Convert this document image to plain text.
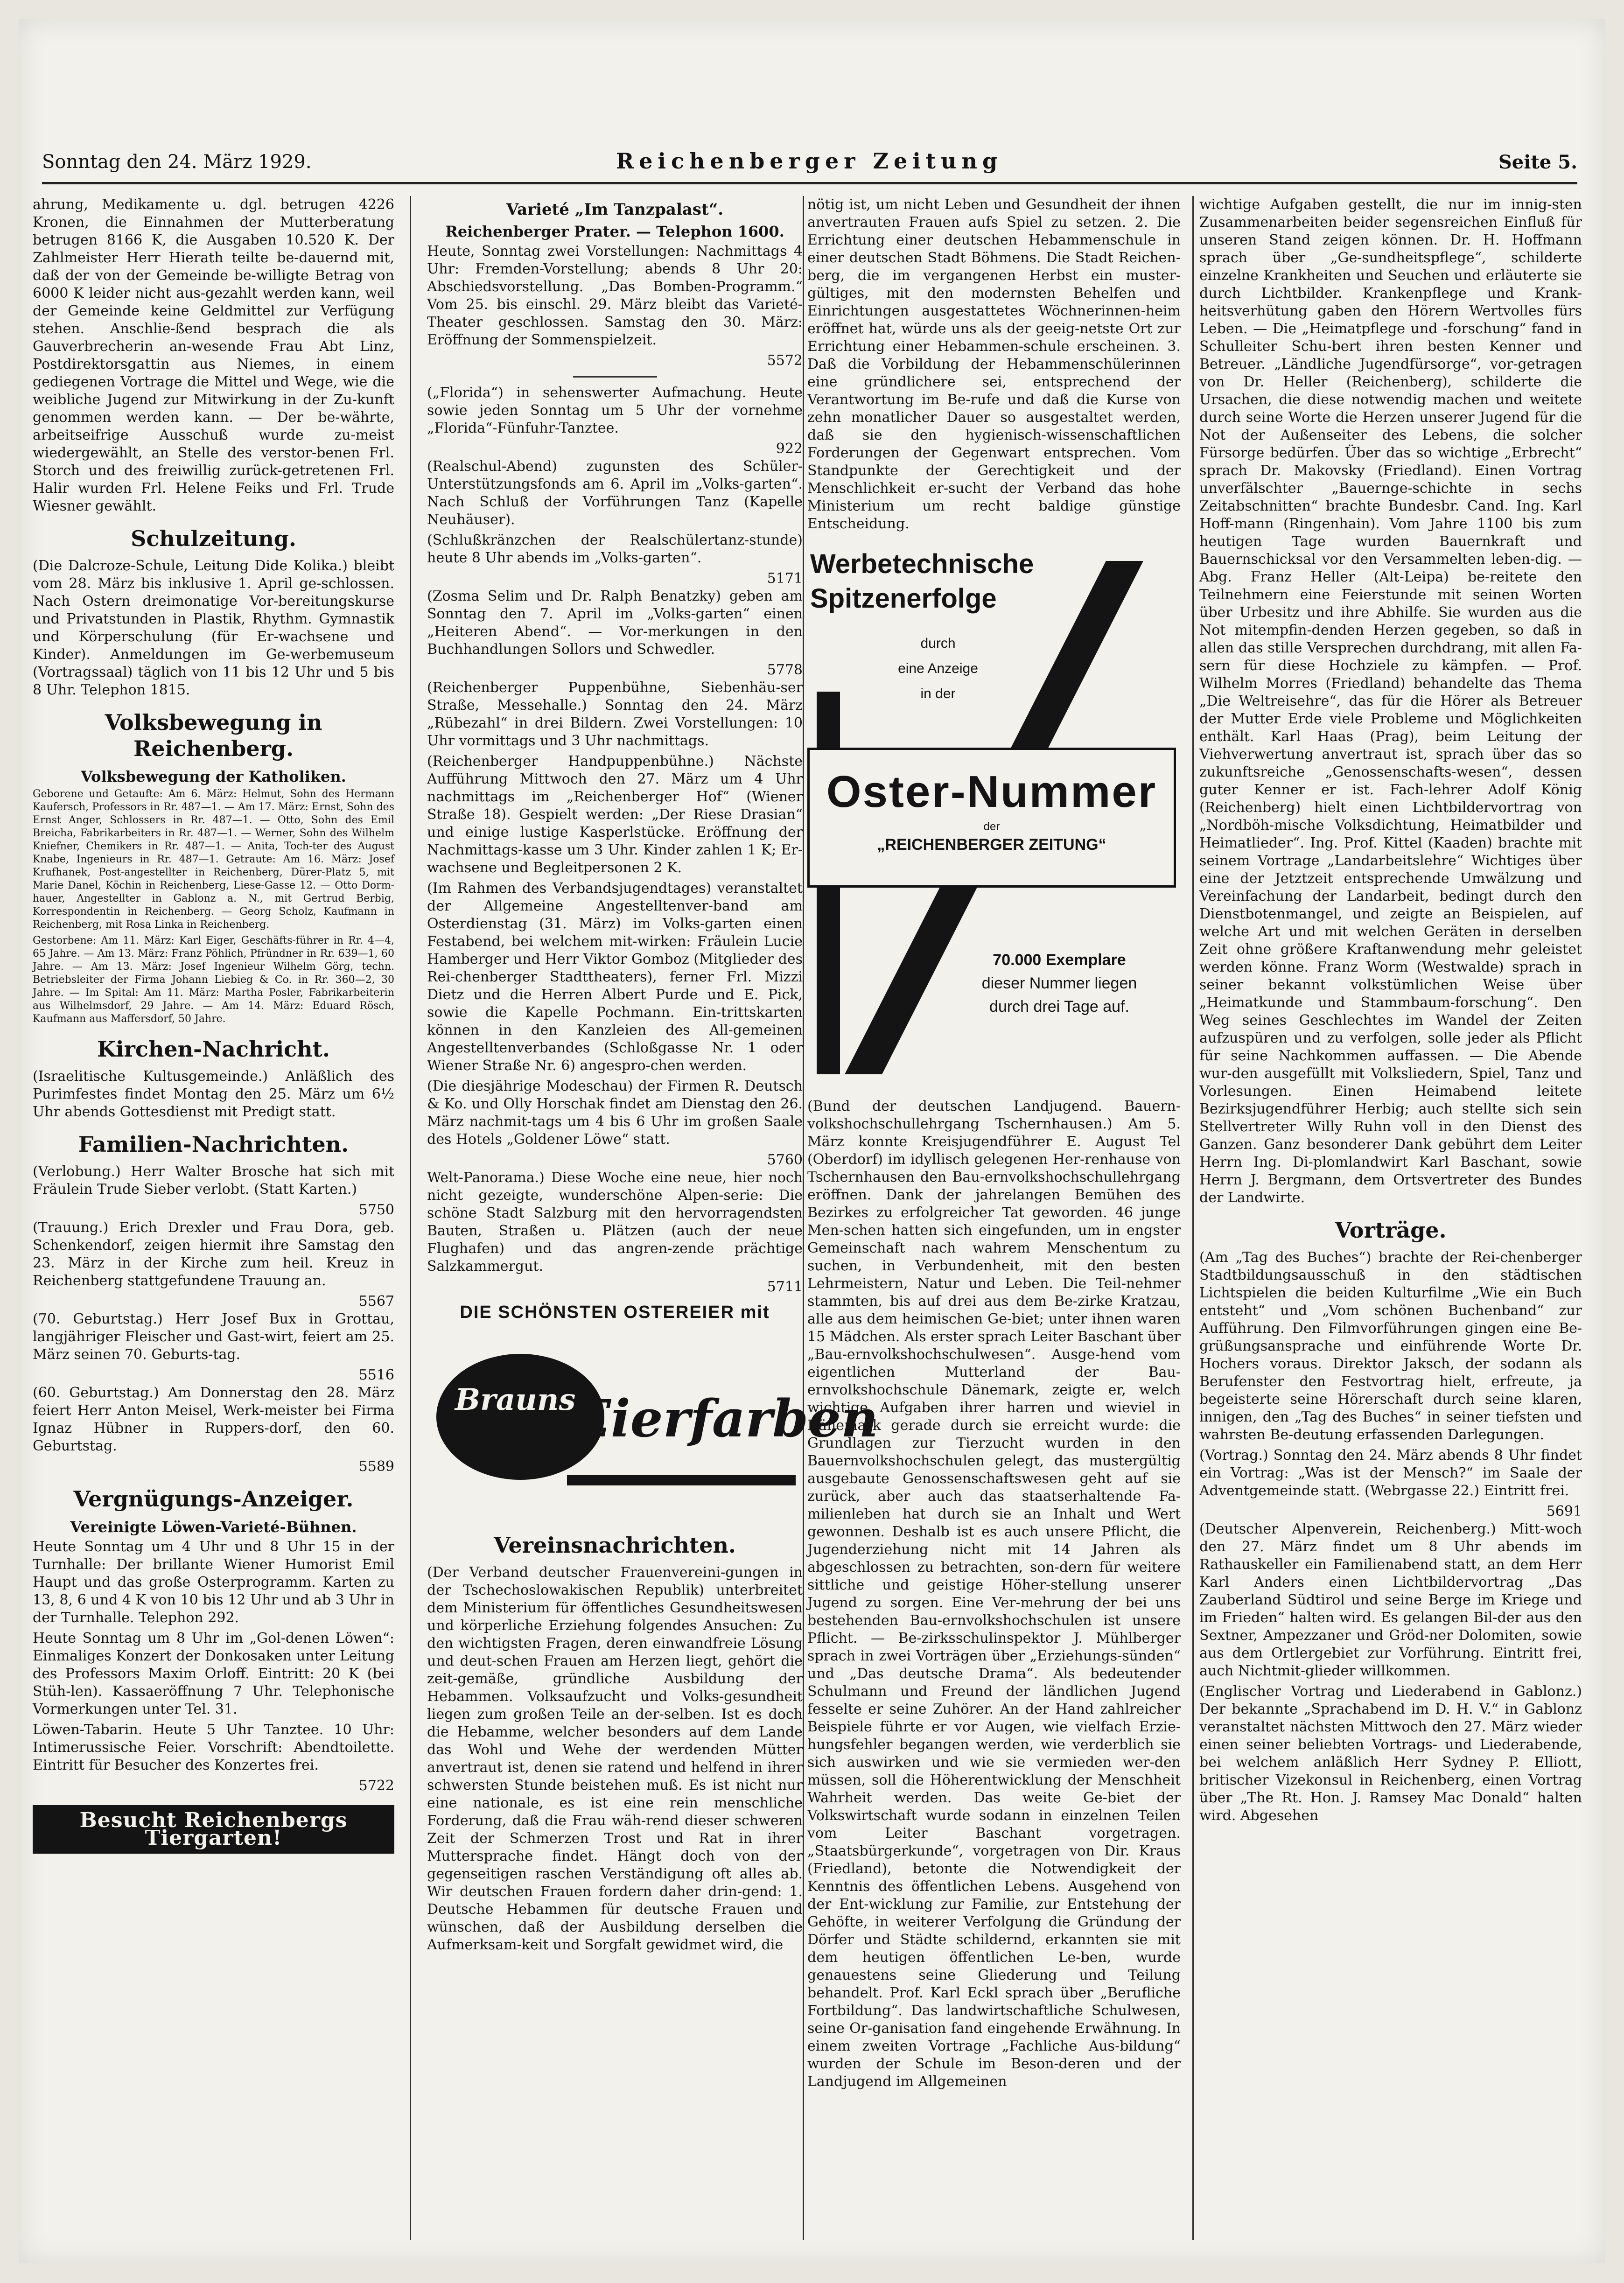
Sonntag den 24. März 1929.	Reichenberger Zeitung	Seite 5.

ahrung, Medikamente u. dgl. betrugen 4226 Kronen, die Einnahmen der Mutterberatung betrugen 8166 K, die Ausgaben 10.520 K. Der Zahlmeister Herr Hierath teilte be-dauernd mit, daß der von der Gemeinde be-willigte Betrag von 6000 K leider nicht aus-gezahlt werden kann, weil der Gemeinde keine Geldmittel zur Verfügung stehen. Anschlie-ßend besprach die als Gauverbrecherin an-wesende Frau Abt Linz, Postdirektorsgattin aus Niemes, in einem gediegenen Vortrage die Mittel und Wege, wie die weibliche Jugend zur Mitwirkung in der Zu-kunft genommen werden kann. — Der be-währte, arbeitseifrige Ausschuß wurde zu-meist wiedergewählt, an Stelle des verstor-benen Frl. Storch und des freiwillig zurück-getretenen Frl. Halir wurden Frl. Helene Feiks und Frl. Trude Wiesner gewählt.

Schulzeitung.

(Die Dalcroze-Schule, Leitung Dide Kolika.) bleibt vom 28. März bis inklusive 1. April ge-schlossen. Nach Ostern dreimonatige Vor-bereitungskurse und Privatstunden in Plastik, Rhythm. Gymnastik und Körperschulung (für Er-wachsene und Kinder). Anmeldungen im Ge-werbemuseum (Vortragssaal) täglich von 11 bis 12 Uhr und 5 bis 8 Uhr. Telephon 1815.

Volksbewegung in Reichenberg.
Volksbewegung der Katholiken.

Geborene und Getaufte: Am 6. März: Helmut, Sohn des Hermann Kaufersch, Professors in Rr. 487—1. — Am 17. März: Ernst, Sohn des Ernst Anger, Schlossers in Rr. 487—1. — Otto, Sohn des Emil Breicha, Fabrikarbeiters in Rr. 487—1. — Werner, Sohn des Wilhelm Kniefner, Chemikers in Rr. 487—1. — Anita, Toch-ter des August Knabe, Ingenieurs in Rr. 487—1. Getraute: Am 16. März: Josef Krufhanek, Post-angestellter in Reichenberg, Dürer-Platz 5, mit Marie Danel, Köchin in Reichenberg, Liese-Gasse 12. — Otto Dorm-hauer, Angestellter in Gablonz a. N., mit Gertrud Berbig, Korrespondentin in Reichenberg. — Georg Scholz, Kaufmann in Reichenberg, mit Rosa Linka in Reichenberg.

Gestorbene: Am 11. März: Karl Eiger, Geschäfts-führer in Rr. 4—4, 65 Jahre. — Am 13. März: Franz Pöhlich, Pfründner in Rr. 639—1, 60 Jahre. — Am 13. März: Josef Ingenieur Wilhelm Görg, techn. Betriebsleiter der Firma Johann Liebieg & Co. in Rr. 360—2, 30 Jahre. — Im Spital: Am 11. März: Martha Posler, Fabrikarbeiterin aus Wilhelmsdorf, 29 Jahre. — Am 14. März: Eduard Rösch, Kaufmann aus Maffersdorf, 50 Jahre.

Kirchen-Nachricht.

(Israelitische Kultusgemeinde.) Anläßlich des Purimfestes findet Montag den 25. März um 6½ Uhr abends Gottesdienst mit Predigt statt.

Familien-Nachrichten.

(Verlobung.) Herr Walter Brosche hat sich mit Fräulein Trude Sieber verlobt. (Statt Karten.)

5750

(Trauung.) Erich Drexler und Frau Dora, geb. Schenkendorf, zeigen hiermit ihre Samstag den 23. März in der Kirche zum heil. Kreuz in Reichenberg stattgefundene Trauung an.

5567

(70. Geburtstag.) Herr Josef Bux in Grottau, langjähriger Fleischer und Gast-wirt, feiert am 25. März seinen 70. Geburts-tag.

5516

(60. Geburtstag.) Am Donnerstag den 28. März feiert Herr Anton Meisel, Werk-meister bei Firma Ignaz Hübner in Ruppers-dorf, den 60. Geburtstag.

5589
Vergnügungs-Anzeiger.
Vereinigte Löwen-Varieté-Bühnen.

Heute Sonntag um 4 Uhr und 8 Uhr 15 in der Turnhalle: Der brillante Wiener Humorist Emil Haupt und das große Osterprogramm. Karten zu 13, 8, 6 und 4 K von 10 bis 12 Uhr und ab 3 Uhr in der Turnhalle. Telephon 292.

Heute Sonntag um 8 Uhr im „Gol-denen Löwen“: Einmaliges Konzert der Donkosaken unter Leitung des Professors Maxim Orloff. Eintritt: 20 K (bei Stüh-len). Kassaeröffnung 7 Uhr. Telephonische Vormerkungen unter Tel. 31.

Löwen-Tabarin. Heute 5 Uhr Tanztee. 10 Uhr: Intimerussische Feier. Vorschrift: Abendtoilette. Eintritt für Besucher des Konzertes frei.

5722
Besucht Reichenbergs Tiergarten!
Varieté „Im Tanzpalast“.
Reichenberger Prater. — Telephon 1600.

Heute, Sonntag zwei Vorstellungen: Nachmittags 4 Uhr: Fremden-Vorstellung; abends 8 Uhr 20: Abschiedsvorstellung. „Das Bomben-Programm.“ Vom 25. bis einschl. 29. März bleibt das Varieté-Theater geschlossen. Samstag den 30. März: Eröffnung der Sommenspielzeit.

5572

(„Florida“) in sehenswerter Aufmachung. Heute sowie jeden Sonntag um 5 Uhr der vornehme „Florida“-Fünfuhr-Tanztee.

922

(Realschul-Abend) zugunsten des Schüler-Unterstützungsfonds am 6. April im „Volks-garten“. Nach Schluß der Vorführungen Tanz (Kapelle Neuhäuser).

(Schlußkränzchen der Realschülertanz-stunde) heute 8 Uhr abends im „Volks-garten“.

5171

(Zosma Selim und Dr. Ralph Benatzky) geben am Sonntag den 7. April im „Volks-garten“ einen „Heiteren Abend“. — Vor-merkungen in den Buchhandlungen Sollors und Schwedler.

5778

(Reichenberger Puppenbühne, Siebenhäu-ser Straße, Messehalle.) Sonntag den 24. März „Rübezahl“ in drei Bildern. Zwei Vorstellungen: 10 Uhr vormittags und 3 Uhr nachmittags.

(Reichenberger Handpuppenbühne.) Nächste Aufführung Mittwoch den 27. März um 4 Uhr nachmittags im „Reichenberger Hof“ (Wiener Straße 18). Gespielt werden: „Der Riese Drasian“ und einige lustige Kasperlstücke. Eröffnung der Nachmittags-kasse um 3 Uhr. Kinder zahlen 1 K; Er-wachsene und Begleitpersonen 2 K.

(Im Rahmen des Verbandsjugendtages) veranstaltet der Allgemeine Angestelltenver-band am Osterdienstag (31. März) im Volks-garten einen Festabend, bei welchem mit-wirken: Fräulein Lucie Hamberger und Herr Viktor Gomboz (Mitglieder des Rei-chenberger Stadttheaters), ferner Frl. Mizzi Dietz und die Herren Albert Purde und E. Pick, sowie die Kapelle Pochmann. Ein-trittskarten können in den Kanzleien des All-gemeinen Angestelltenverbandes (Schloßgasse Nr. 1 oder Wiener Straße Nr. 6) angespro-chen werden.

(Die diesjährige Modeschau) der Firmen R. Deutsch & Ko. und Olly Horschak findet am Dienstag den 26. März nachmit-tags um 4 bis 6 Uhr im großen Saale des Hotels „Goldener Löwe“ statt.

5760

Welt-Panorama.) Diese Woche eine neue, hier noch nicht gezeigte, wunderschöne Alpen-serie: Die schöne Stadt Salzburg mit den hervorragendsten Bauten, Straßen u. Plätzen (auch der neue Flughafen) und das angren-zende prächtige Salzkammergut.

5711
DIE SCHÖNSTEN OSTEREIER mit
Brauns
Eierfarben
Vereinsnachrichten.

(Der Verband deutscher Frauenvereini-gungen in der Tschechoslowakischen Republik) unterbreitet dem Ministerium für öffentliches Gesundheitswesen und körperliche Erziehung folgendes Ansuchen: Zu den wichtigsten Fragen, deren einwandfreie Lösung und deut-schen Frauen am Herzen liegt, gehört die zeit-gemäße, gründliche Ausbildung der Hebammen. Volksaufzucht und Volks-gesundheit liegen zum großen Teile an der-selben. Ist es doch die Hebamme, welcher besonders auf dem Lande das Wohl und Wehe der werdenden Mütter anvertraut ist, denen sie ratend und helfend in ihrer schwersten Stunde beistehen muß. Es ist nicht nur eine nationale, es ist eine rein menschliche Forderung, daß die Frau wäh-rend dieser schweren Zeit der Schmerzen Trost und Rat in ihrer Muttersprache findet. Hängt doch von der gegenseitigen raschen Verständigung oft alles ab. Wir deutschen Frauen fordern daher drin-gend: 1. Deutsche Hebammen für deutsche Frauen und wünschen, daß der Ausbildung derselben die Aufmerksam-keit und Sorgfalt gewidmet wird, die

nötig ist, um nicht Leben und Gesundheit der ihnen anvertrauten Frauen aufs Spiel zu setzen. 2. Die Errichtung einer deutschen Hebammenschule in einer deutschen Stadt Böhmens. Die Stadt Reichen-berg, die im vergangenen Herbst ein muster-gültiges, mit den modernsten Behelfen und Einrichtungen ausgestattetes Wöchnerinnen-heim eröffnet hat, würde uns als der geeig-netste Ort zur Errichtung einer Hebammen-schule erscheinen. 3. Daß die Vorbildung der Hebammenschülerinnen eine gründlichere sei, entsprechend der Verantwortung im Be-rufe und daß die Kurse von zehn monatlicher Dauer so ausgestaltet werden, daß sie den hygienisch-wissenschaftlichen Forderungen der Gegenwart entsprechen. Vom Standpunkte der Gerechtigkeit und der Menschlichkeit er-sucht der Verband das hohe Ministerium um recht baldige günstige Entscheidung.

Werbetechnische Spitzenerfolge
durch
eine Anzeige
in der
Oster-Nummer
der
„REICHENBERGER ZEITUNG“
70.000 Exemplare
dieser Nummer liegen
durch drei Tage auf.

(Bund der deutschen Landjugend. Bauern-volkshochschullehrgang Tschernhausen.) Am 5. März konnte Kreisjugendführer E. August Tel (Oberdorf) im idyllisch gelegenen Her-renhause von Tschernhausen den Bau-ernvolkshochschullehrgang eröffnen. Dank der jahrelangen Bemühen des Bezirkes zu erfolgreicher Tat geworden. 46 junge Men-schen hatten sich eingefunden, um in engster Gemeinschaft nach wahrem Menschentum zu suchen, in Verbundenheit, mit den besten Lehrmeistern, Natur und Leben. Die Teil-nehmer stammten, bis auf drei aus dem Be-zirke Kratzau, alle aus dem heimischen Ge-biet; unter ihnen waren 15 Mädchen. Als erster sprach Leiter Baschant über „Bau-ernvolkshochschulwesen“. Ausge-hend vom eigentlichen Mutterland der Bau-ernvolkshochschule Dänemark, zeigte er, welch wichtige Aufgaben ihrer harren und wieviel in Dänemark gerade durch sie erreicht wurde: die Grundlagen zur Tierzucht wurden in den Bauernvolkshochschulen gelegt, das mustergültig ausgebaute Genossenschaftswesen geht auf sie zurück, aber auch das staatserhaltende Fa-milienleben hat durch sie an Inhalt und Wert gewonnen. Deshalb ist es auch unsere Pflicht, die Jugenderziehung nicht mit 14 Jahren als abgeschlossen zu betrachten, son-dern für weitere sittliche und geistige Höher-stellung unserer Jugend zu sorgen. Eine Ver-mehrung der bei uns bestehenden Bau-ernvolkshochschulen ist unsere Pflicht. — Be-zirksschulinspektor J. Mühlberger sprach in zwei Vorträgen über „Erziehungs-sünden“ und „Das deutsche Drama“. Als bedeutender Schulmann und Freund der ländlichen Jugend fesselte er seine Zuhörer. An der Hand zahlreicher Beispiele führte er vor Augen, wie vielfach Erzie-hungsfehler begangen werden, wie verderblich sie sich auswirken und wie sie vermieden wer-den müssen, soll die Höherentwicklung der Menschheit Wahrheit werden. Das weite Ge-biet der Volkswirtschaft wurde sodann in einzelnen Teilen vom Leiter Baschant vorgetragen. „Staatsbürgerkunde“, vorgetragen von Dir. Kraus (Friedland), betonte die Notwendigkeit der Kenntnis des öffentlichen Lebens. Ausgehend von der Ent-wicklung zur Familie, zur Entstehung der Gehöfte, in weiterer Verfolgung die Gründung der Dörfer und Städte schildernd, erkannten sie mit dem heutigen öffentlichen Le-ben, wurde genauestens seine Gliederung und Teilung behandelt. Prof. Karl Eckl sprach über „Berufliche Fortbildung“. Das landwirtschaftliche Schulwesen, seine Or-ganisation fand eingehende Erwähnung. In einem zweiten Vortrage „Fachliche Aus-bildung“ wurden der Schule im Beson-deren und der Landjugend im Allgemeinen

wichtige Aufgaben gestellt, die nur im innig-sten Zusammenarbeiten beider segensreichen Einfluß für unseren Stand zeigen können. Dr. H. Hoffmann sprach über „Ge-sundheitspflege“, schilderte einzelne Krankheiten und Seuchen und erläuterte sie durch Lichtbilder. Krankenpflege und Krank-heitsverhütung gaben den Hörern Wertvolles fürs Leben. — Die „Heimatpflege und -forschung“ fand in Schulleiter Schu-bert ihren besten Kenner und Betreuer. „Ländliche Jugendfürsorge“, vor-getragen von Dr. Heller (Reichenberg), schilderte die Ursachen, die diese notwendig machen und weitete durch seine Worte die Herzen unserer Jugend für die Not der Außenseiter des Lebens, die solcher Fürsorge bedürfen. Über das so wichtige „Erbrecht“ sprach Dr. Makovsky (Friedland). Einen Vortrag unverfälschter „Bauernge-schichte in sechs Zeitabschnitten“ brachte Bundesbr. Cand. Ing. Karl Hoff-mann (Ringenhain). Vom Jahre 1100 bis zum heutigen Tage wurden Bauernkraft und Bauernschicksal vor den Versammelten leben-dig. — Abg. Franz Heller (Alt-Leipa) be-reitete den Teilnehmern eine Feierstunde mit seinen Worten über Urbesitz und ihre Abhilfe. Sie wurden aus die Not mitempfin-denden Herzen gegeben, so daß in allen das stille Versprechen durchdrang, mit allen Fa-sern für diese Hochziele zu kämpfen. — Prof. Wilhelm Morres (Friedland) behandelte das Thema „Die Weltreisehre“, das für die Hörer als Betreuer der Mutter Erde viele Probleme und Möglichkeiten enthält. Karl Haas (Prag), beim Leitung der Viehverwertung anvertraut ist, sprach über das so zukunftsreiche „Genossenschafts-wesen“, dessen guter Kenner er ist. Fach-lehrer Adolf König (Reichenberg) hielt einen Lichtbildervortrag von „Nordböh-mische Volksdichtung, Heimatbilder und Heimatlieder“. Ing. Prof. Kittel (Kaaden) brachte mit seinem Vortrage „Landarbeitslehre“ Wichtiges über eine der Jetztzeit entsprechende Umwälzung und Vereinfachung der Landarbeit, bedingt durch den Dienstbotenmangel, und zeigte an Beispielen, auf welche Art und mit welchen Geräten in derselben Zeit ohne größere Kraftanwendung mehr geleistet werden könne. Franz Worm (Westwalde) sprach in seiner bekannt volkstümlichen Weise über „Heimatkunde und Stammbaum-forschung“. Den Weg seines Geschlechtes im Wandel der Zeiten aufzuspüren und zu verfolgen, solle jeder als Pflicht für seine Nachkommen auffassen. — Die Abende wur-den ausgefüllt mit Volksliedern, Spiel, Tanz und Vorlesungen. Einen Heimabend leitete Bezirksjugendführer Herbig; auch stellte sich sein Stellvertreter Willy Ruhn voll in den Dienst des Ganzen. Ganz besonderer Dank gebührt dem Leiter Herrn Ing. Di-plomlandwirt Karl Baschant, sowie Herrn J. Bergmann, dem Ortsvertreter des Bundes der Landwirte.

Vorträge.

(Am „Tag des Buches“) brachte der Rei-chenberger Stadtbildungsausschuß in den städtischen Lichtspielen die beiden Kulturfilme „Wie ein Buch entsteht“ und „Vom schönen Buchenband“ zur Aufführung. Den Filmvorführungen gingen eine Be-grüßungsansprache und einführende Worte Dr. Hochers voraus. Direktor Jaksch, der sodann als Berufenster den Festvortrag hielt, erfreute, ja begeisterte seine Hörerschaft durch seine klaren, innigen, den „Tag des Buches“ in seiner tiefsten und wahrsten Be-deutung erfassenden Darlegungen.

(Vortrag.) Sonntag den 24. März abends 8 Uhr findet ein Vortrag: „Was ist der Mensch?“ im Saale der Adventgemeinde statt. (Webrgasse 22.) Eintritt frei.

5691

(Deutscher Alpenverein, Reichenberg.) Mitt-woch den 27. März findet um 8 Uhr abends im Rathauskeller ein Familienabend statt, an dem Herr Karl Anders einen Lichtbildervortrag „Das Zauberland Südtirol und seine Berge im Kriege und im Frieden“ halten wird. Es gelangen Bil-der aus den Sextner, Ampezzaner und Gröd-ner Dolomiten, sowie aus dem Ortlergebiet zur Vorführung. Eintritt frei, auch Nichtmit-glieder willkommen.

(Englischer Vortrag und Liederabend in Gablonz.) Der bekannte „Sprachabend im D. H. V.“ in Gablonz veranstaltet nächsten Mittwoch den 27. März wieder einen seiner beliebten Vortrags- und Liederabende, bei welchem anläßlich Herr Sydney P. Elliott, britischer Vizekonsul in Reichenberg, einen Vortrag über „The Rt. Hon. J. Ramsey Mac Donald“ halten wird. Abgesehen
